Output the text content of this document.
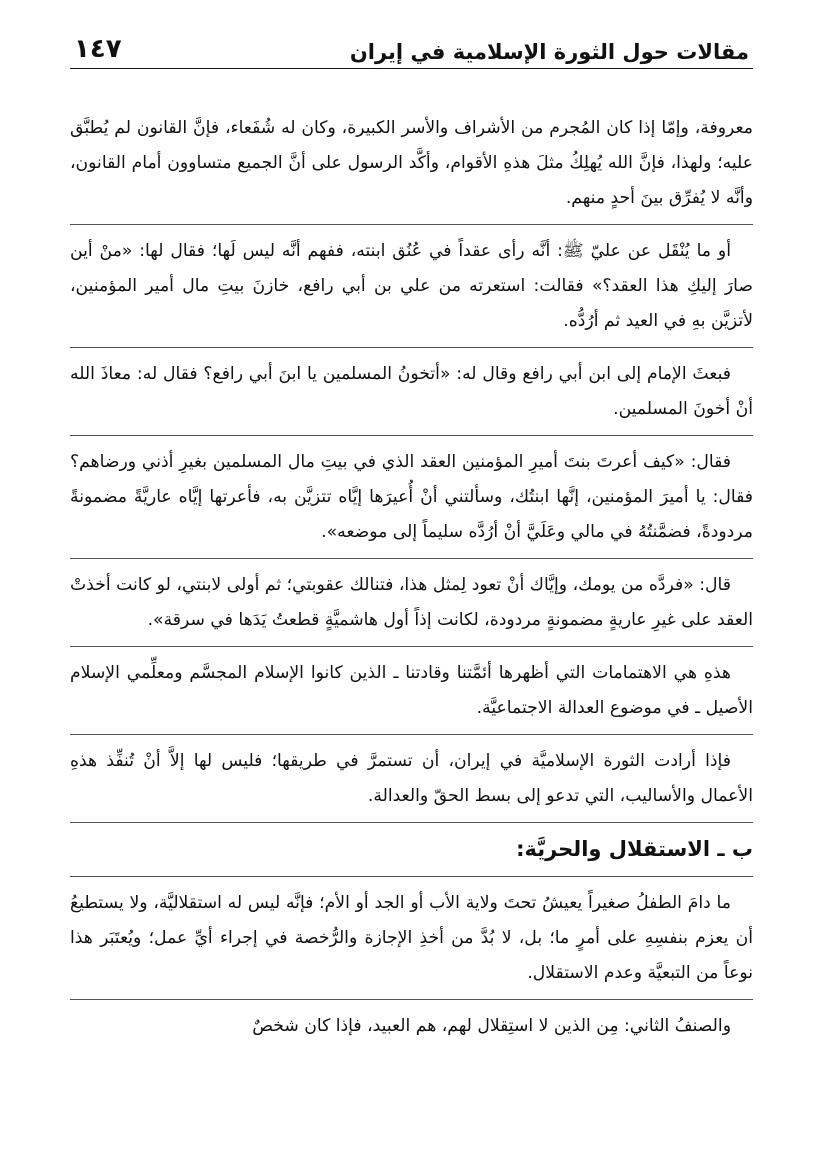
مقالات حول الثورة الإسلامية في إيران
١٤٧

معروفة، وإمّا إذا كان المُجرم من الأشراف والأسر الكبيرة، وكان له شُفَعاء، فإنَّ القانون لم يُطبَّق عليه؛ ولهذا، فإنَّ الله يُهلِكُ مثلَ هذهِ الأقوام، وأكَّد الرسول على أنَّ الجميع متساوون أمام القانون، وأنَّه لا يُفرِّق بينَ أحدٍ منهم.

أو ما يُنْقَل عن عليّ ﷺ: أنَّه رأى عقداً في عُنُق ابنته، ففهم أنَّه ليس لَها؛ فقال لها: «منْ أين صارَ إليكِ هذا العقد؟» فقالت: استعرته من علي بن أبي رافع، خازنَ بيتِ مال أمير المؤمنين، لأتزيَّن بهِ في العيد ثم أرُدُّه.

فبعثَ الإمام إلى ابن أبي رافع وقال له: «أتخونُ المسلمين يا ابنَ أبي رافع؟ فقال له: معاذَ الله أنْ أخونَ المسلمين.

فقال: «كيف أعرتَ بنتَ أميرِ المؤمنين العقد الذي في بيتِ مال المسلمين بغيرِ أذني ورضاهم؟ فقال: يا أميرَ المؤمنين، إنَّها ابنتُك، وسألتني أنْ أُعيرَها إيَّاه تتزيَّن به، فأعرتها إيَّاه عاريَّةً مضمونةً مردودةً، فضمَّنتُهُ في مالي وعَلَيَّ أنْ أرُدَّه سليماً إلى موضعه».

قال: «فردَّه من يومك، وإيَّاك أنْ تعود لِمثل هذا، فتنالك عقوبتي؛ ثم أولى لابنتي، لو كانت أخذتْ العقد على غيرِ عاريةٍ مضمونةٍ مردودة، لكانت إذاً أول هاشميَّةٍ قطعتُ يَدَها في سرقة».

هذهِ هي الاهتمامات التي أظهرها أئمَّتنا وقادتنا ـ الذين كانوا الإسلام المجسَّم ومعلِّمي الإسلام الأصيل ـ في موضوع العدالة الاجتماعيَّة.

فإذا أرادت الثورة الإسلاميَّة في إيران، أن تستمرَّ في طريقها؛ فليس لها إلاَّ أنْ تُنفِّذ هذهِ الأعمال والأساليب، التي تدعو إلى بسط الحقّ والعدالة.

ب ـ الاستقلال والحريَّة:

ما دامَ الطفلُ صغيراً يعيشُ تحتَ ولاية الأب أو الجد أو الأم؛ فإنَّه ليس له استقلاليَّة، ولا يستطيعُ أن يعزم بنفسِهِ على أمرٍ ما؛ بل، لا بُدَّ من أخذِ الإجازة والرُّخصة في إجراء أيِّ عمل؛ ويُعتَبَر هذا نوعاً من التبعيَّة وعدم الاستقلال.

والصنفُ الثاني: مِن الذين لا استِقلال لهم، هم العبيد، فإذا كان شخصٌ
